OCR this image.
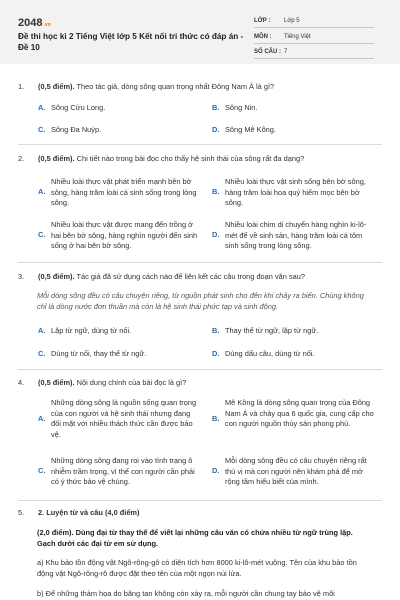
2048.vn
Đề thi học kì 2 Tiếng Việt lớp 5 Kết nối tri thức có đáp án - Đề 10
LỚP : Lớp 5
MÔN : Tiếng Việt
SỐ CÂU : 7
1. (0,5 điểm). Theo tác giả, dòng sông quan trọng nhất Đông Nam Á là gì?
A. Sông Cửu Long.	B. Sông Nin.
C. Sông Đa Nuýp.	D. Sông Mê Kông.
2. (0,5 điểm). Chi tiết nào trong bài đọc cho thấy hệ sinh thái của sông rất đa dạng?
A.
Nhiều loài thực vật phát triển mạnh bên bờ sông, hàng trăm loài cá sinh sống trong lòng sông.
B.
Nhiều loài thực vật sinh sống bên bờ sông, hàng trăm loài hoa quý hiếm mọc bên bờ sông.
C.
Nhiều loài thực vật được mang đến trồng ở hai bên bờ sông, hàng nghìn người đến sinh sống ở hai bên bờ sông.
D.
Nhiều loài chim di chuyển hàng nghìn ki-lô-mét để về sinh sản, hàng trăm loài cá tôm sinh sống trong lòng sông.
3. (0,5 điểm). Tác giả đã sử dụng cách nào để liên kết các câu trong đoạn văn sau?
Mỗi dòng sông đều có câu chuyện riêng, từ nguồn phát sinh cho đến khi chảy ra biển. Chúng không chỉ là dòng nước đơn thuần mà còn là hệ sinh thái phức tạp và sinh động.
A. Lặp từ ngữ, dùng từ nối.	B. Thay thế từ ngữ, lặp từ ngữ.
C. Dùng từ nối, thay thế từ ngữ.	D. Dùng dấu câu, dùng từ nối.
4. (0,5 điểm). Nội dung chính của bài đọc là gì?
A.
Những dòng sông là nguồn sống quan trọng của con người và hệ sinh thái nhưng đang đối mặt với nhiều thách thức cần được bảo vệ.
B.
Mê Kông là dòng sông quan trọng của Đông Nam Á và chảy qua 6 quốc gia, cung cấp cho con người nguồn thủy sản phong phú.
C.
Những dòng sông đang roi vào tình trạng ô nhiễm trầm trọng, vì thế con người cần phải có ý thức bảo vệ chúng.
D.
Mỗi dòng sông đều có câu chuyện riêng rất thú vị mà con người nên khám phá để mở rộng tầm hiểu biết của mình.
5. 2. Luyện từ và câu (4,0 điểm)
(2,0 điểm). Dùng đại từ thay thế để viết lại những câu văn có chứa nhiều từ ngữ trùng lặp. Gạch dưới các đại từ em sử dụng.
a) Khu bảo tồn động vật Ngô-rông-gô có diện tích hơn 8000 ki-lô-mét vuông. Tên của khu bảo tồn động vật Ngô-rông-rô được đặt theo tên của một ngọn núi lửa.
b) Để những thảm họa do băng tan không còn xảy ra, mỗi người cần chung tay bảo vệ môi
